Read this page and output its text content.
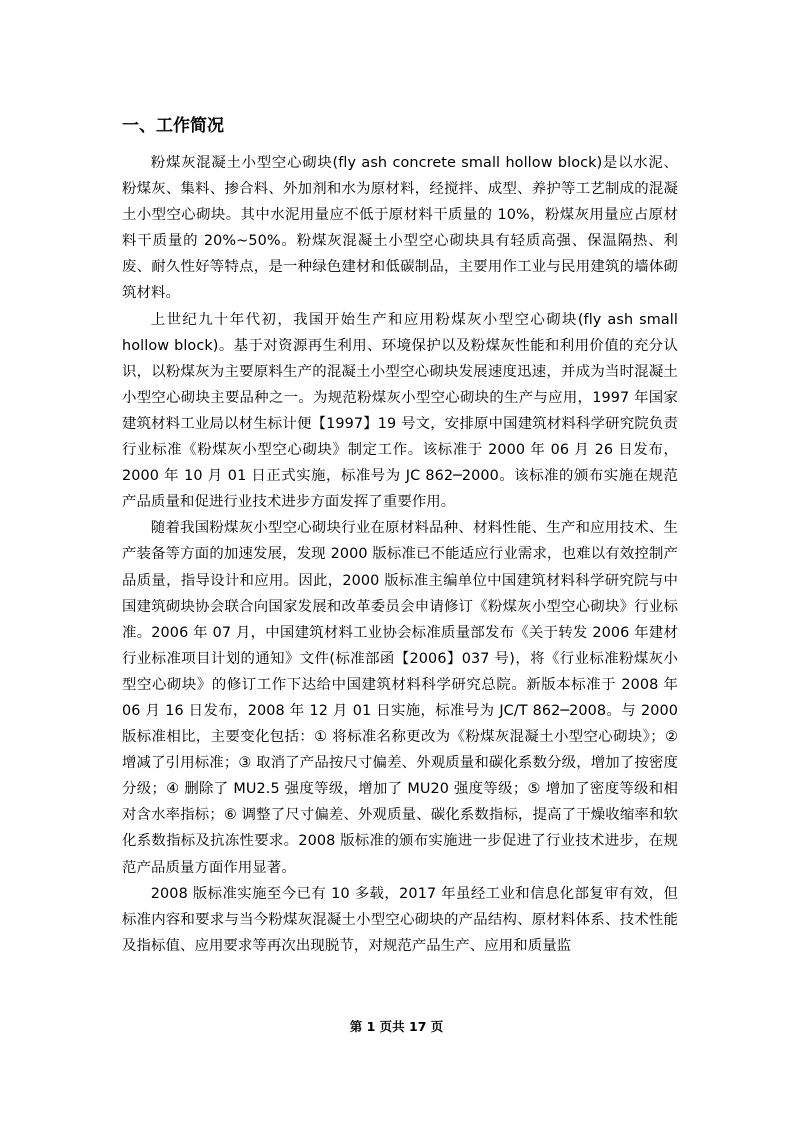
一、工作简况

粉煤灰混凝土小型空心砌块(fly ash concrete small hollow block)是以水泥、粉煤灰、集料、掺合料、外加剂和水为原材料，经搅拌、成型、养护等工艺制成的混凝土小型空心砌块。其中水泥用量应不低于原材料干质量的 10%，粉煤灰用量应占原材料干质量的 20%~50%。粉煤灰混凝土小型空心砌块具有轻质高强、保温隔热、利废、耐久性好等特点，是一种绿色建材和低碳制品，主要用作工业与民用建筑的墙体砌筑材料。

上世纪九十年代初，我国开始生产和应用粉煤灰小型空心砌块(fly ash small hollow block)。基于对资源再生利用、环境保护以及粉煤灰性能和利用价值的充分认识，以粉煤灰为主要原料生产的混凝土小型空心砌块发展速度迅速，并成为当时混凝土小型空心砌块主要品种之一。为规范粉煤灰小型空心砌块的生产与应用，1997 年国家建筑材料工业局以材生标计便【1997】19 号文，安排原中国建筑材料科学研究院负责行业标准《粉煤灰小型空心砌块》制定工作。该标准于 2000 年 06 月 26 日发布，2000 年 10 月 01 日正式实施，标准号为 JC 862─2000。该标准的颁布实施在规范产品质量和促进行业技术进步方面发挥了重要作用。

随着我国粉煤灰小型空心砌块行业在原材料品种、材料性能、生产和应用技术、生产装备等方面的加速发展，发现 2000 版标准已不能适应行业需求，也难以有效控制产品质量，指导设计和应用。因此，2000 版标准主编单位中国建筑材料科学研究院与中国建筑砌块协会联合向国家发展和改革委员会申请修订《粉煤灰小型空心砌块》行业标准。2006 年 07 月，中国建筑材料工业协会标准质量部发布《关于转发 2006 年建材行业标准项目计划的通知》文件(标准部函【2006】037 号)，将《行业标准粉煤灰小型空心砌块》的修订工作下达给中国建筑材料科学研究总院。新版本标准于 2008 年 06 月 16 日发布，2008 年 12 月 01 日实施，标准号为 JC/T 862─2008。与 2000 版标准相比，主要变化包括：① 将标准名称更改为《粉煤灰混凝土小型空心砌块》；② 增减了引用标准；③ 取消了产品按尺寸偏差、外观质量和碳化系数分级，增加了按密度分级；④ 删除了 MU2.5 强度等级，增加了 MU20 强度等级；⑤ 增加了密度等级和相对含水率指标；⑥ 调整了尺寸偏差、外观质量、碳化系数指标，提高了干燥收缩率和软化系数指标及抗冻性要求。2008 版标准的颁布实施进一步促进了行业技术进步，在规范产品质量方面作用显著。

2008 版标准实施至今已有 10 多载，2017 年虽经工业和信息化部复审有效，但标准内容和要求与当今粉煤灰混凝土小型空心砌块的产品结构、原材料体系、技术性能及指标值、应用要求等再次出现脱节，对规范产品生产、应用和质量监

第 1 页共 17 页
